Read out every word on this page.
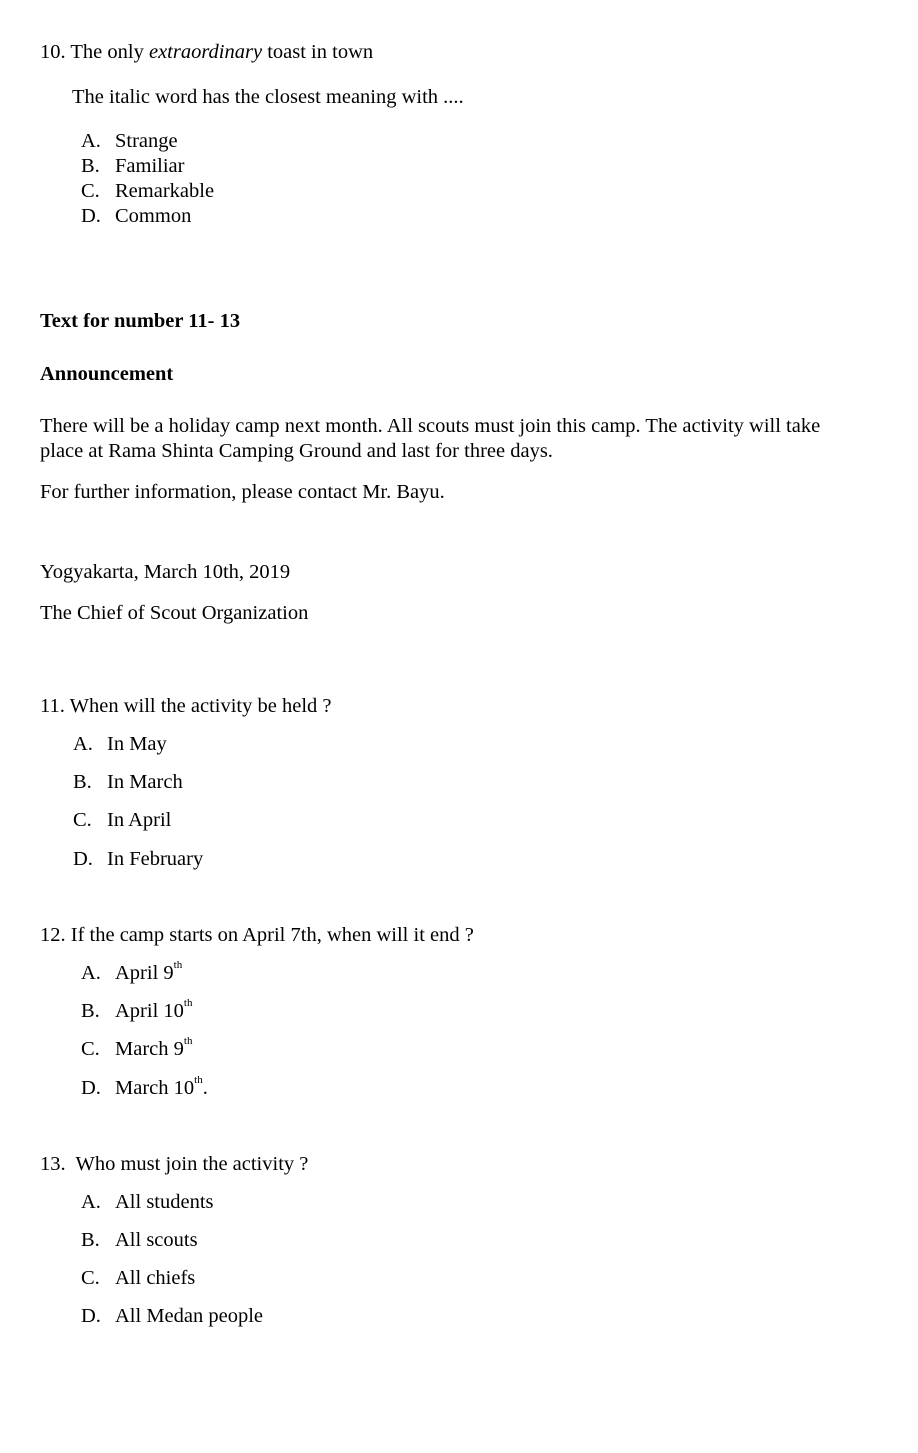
10. The only extraordinary toast in town
The italic word has the closest meaning with ....
A. Strange
B. Familiar
C. Remarkable
D. Common
Text for number 11- 13
Announcement
There will be a holiday camp next month. All scouts must join this camp. The activity will take place at Rama Shinta Camping Ground and last for three days.
For further information, please contact Mr. Bayu.
Yogyakarta, March 10th, 2019
The Chief of Scout Organization
11. When will the activity be held ?
A. In May
B. In March
C. In April
D. In February
12. If the camp starts on April 7th, when will it end ?
A. April 9th
B. April 10th
C. March 9th
D. March 10th.
13. Who must join the activity ?
A. All students
B. All scouts
C. All chiefs
D. All Medan people
